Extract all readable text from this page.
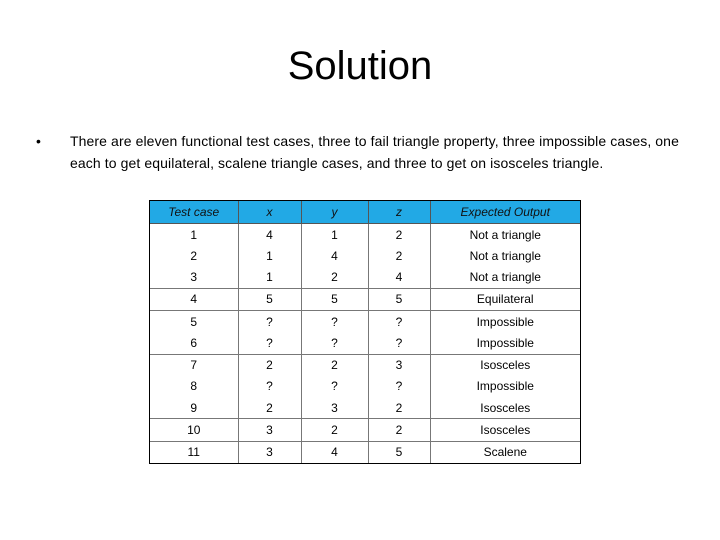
Solution
• There are eleven functional test cases, three to fail triangle property, three impossible cases, one each to get equilateral, scalene triangle cases, and three to get on isosceles triangle.
Test case	x	y	z	Expected Output
1	4	1	2	Not a triangle
2	1	4	2	Not a triangle
3	1	2	4	Not a triangle
4	5	5	5	Equilateral
5	?	?	?	Impossible
6	?	?	?	Impossible
7	2	2	3	Isosceles
8	?	?	?	Impossible
9	2	3	2	Isosceles
10	3	2	2	Isosceles
11	3	4	5	Scalene
